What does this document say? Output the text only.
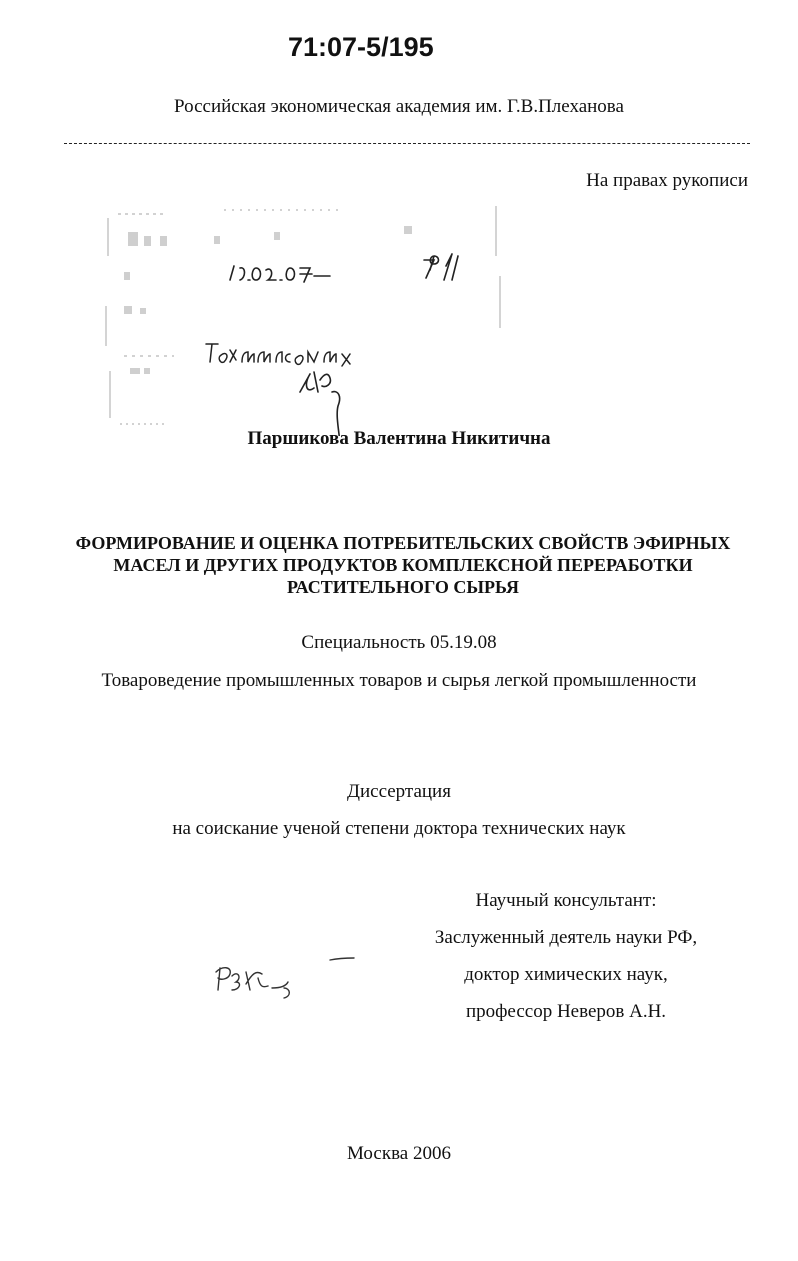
71:07-5/195
Российская экономическая академия им. Г.В.Плеханова
На правах рукописи
Паршикова Валентина Никитична
ФОРМИРОВАНИЕ И ОЦЕНКА ПОТРЕБИТЕЛЬСКИХ СВОЙСТВ ЭФИРНЫХ
МАСЕЛ И ДРУГИХ ПРОДУКТОВ КОМПЛЕКСНОЙ ПЕРЕРАБОТКИ
РАСТИТЕЛЬНОГО СЫРЬЯ
Специальность 05.19.08
Товароведение промышленных товаров и сырья легкой промышленности
Диссертация
на соискание ученой степени доктора технических наук
Научный консультант:
Заслуженный деятель науки РФ,
доктор химических наук,
профессор Неверов А.Н.
Москва 2006
